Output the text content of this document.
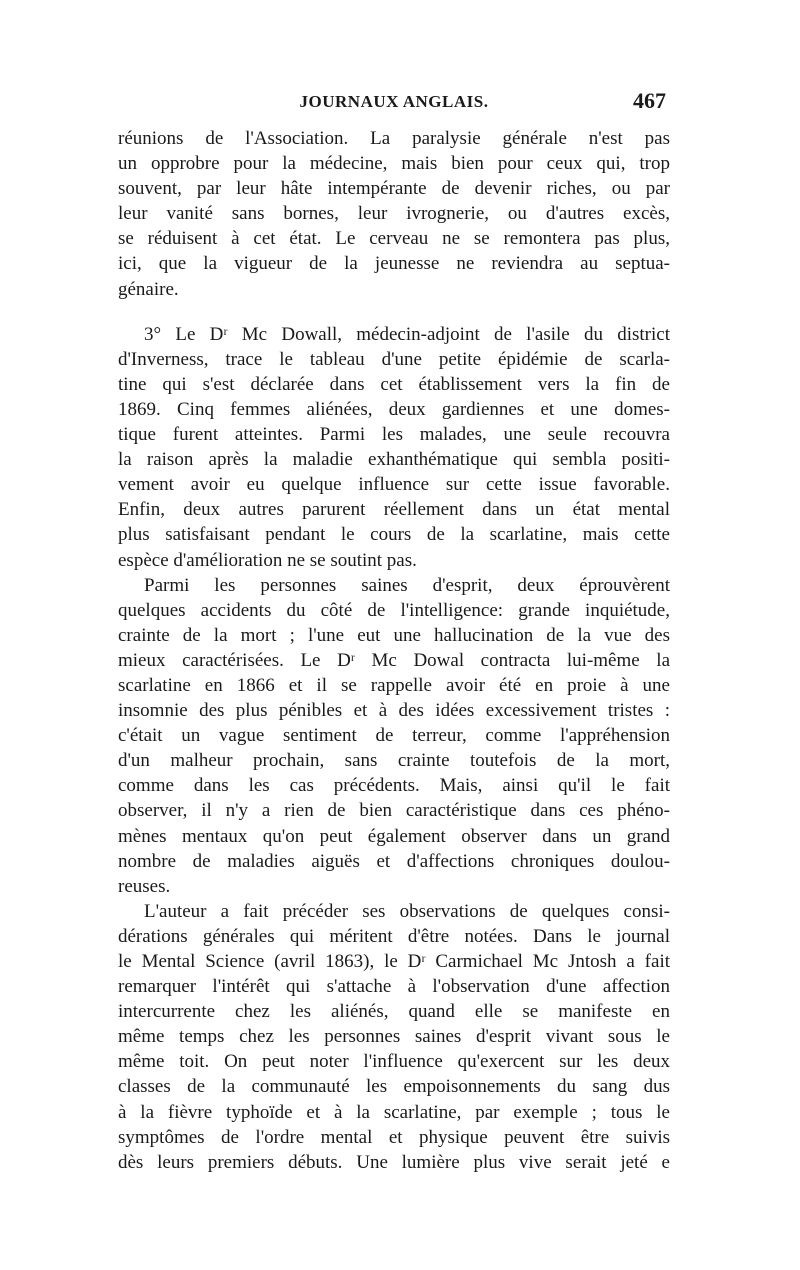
JOURNAUX ANGLAIS.	467
réunions de l'Association. La paralysie générale n'est pas
un opprobre pour la médecine, mais bien pour ceux qui, trop
souvent, par leur hâte intempérante de devenir riches, ou par
leur vanité sans bornes, leur ivrognerie, ou d'autres excès,
se réduisent à cet état. Le cerveau ne se remontera pas plus,
ici, que la vigueur de la jeunesse ne reviendra au septua-
génaire.
3° Le Dʳ Mc Dowall, médecin-adjoint de l'asile du district
d'Inverness, trace le tableau d'une petite épidémie de scarla-
tine qui s'est déclarée dans cet établissement vers la fin de
1869. Cinq femmes aliénées, deux gardiennes et une domes-
tique furent atteintes. Parmi les malades, une seule recouvra
la raison après la maladie exhanthématique qui sembla positi-
vement avoir eu quelque influence sur cette issue favorable.
Enfin, deux autres parurent réellement dans un état mental
plus satisfaisant pendant le cours de la scarlatine, mais cette
espèce d'amélioration ne se soutint pas.
Parmi les personnes saines d'esprit, deux éprouvèrent
quelques accidents du côté de l'intelligence: grande inquiétude,
crainte de la mort ; l'une eut une hallucination de la vue des
mieux caractérisées. Le Dʳ Mc Dowal contracta lui-même la
scarlatine en 1866 et il se rappelle avoir été en proie à une
insomnie des plus pénibles et à des idées excessivement tristes :
c'était un vague sentiment de terreur, comme l'appréhension
d'un malheur prochain, sans crainte toutefois de la mort,
comme dans les cas précédents. Mais, ainsi qu'il le fait
observer, il n'y a rien de bien caractéristique dans ces phéno-
mènes mentaux qu'on peut également observer dans un grand
nombre de maladies aiguës et d'affections chroniques doulou-
reuses.
L'auteur a fait précéder ses observations de quelques consi-
dérations générales qui méritent d'être notées. Dans le journal
le Mental Science (avril 1863), le Dʳ Carmichael Mc Jntosh a fait
remarquer l'intérêt qui s'attache à l'observation d'une affection
intercurrente chez les aliénés, quand elle se manifeste en
même temps chez les personnes saines d'esprit vivant sous le
même toit. On peut noter l'influence qu'exercent sur les deux
classes de la communauté les empoisonnements du sang dus
à la fièvre typhoïde et à la scarlatine, par exemple ; tous le
symptômes de l'ordre mental et physique peuvent être suivis
dès leurs premiers débuts. Une lumière plus vive serait jeté e
